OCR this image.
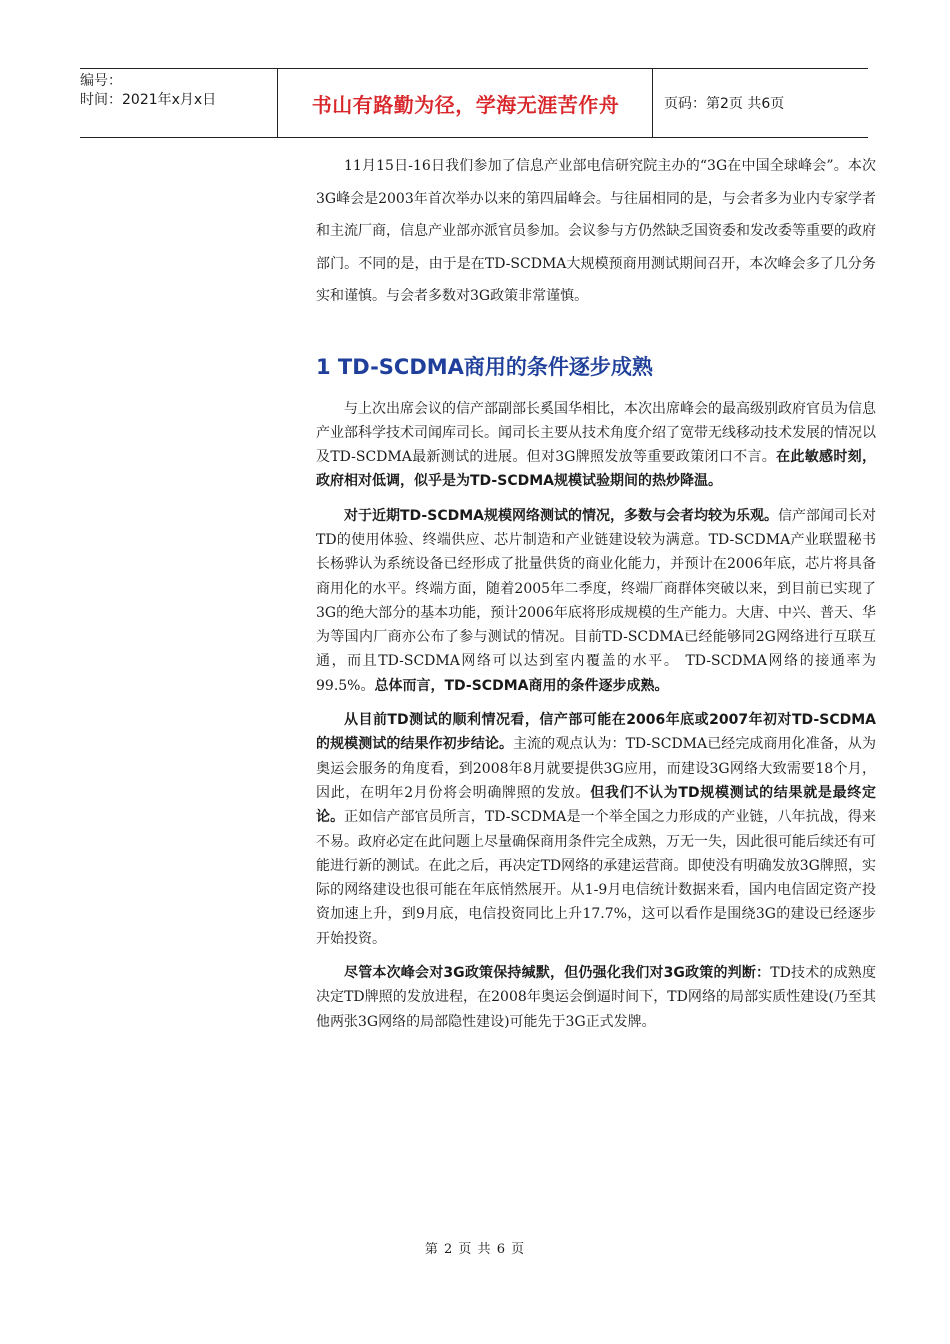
编号：
时间：2021年x月x日	书山有路勤为径，学海无涯苦作舟	页码：第2页 共6页

11月15日-16日我们参加了信息产业部电信研究院主办的“3G在中国全球峰会”。本次3G峰会是2003年首次举办以来的第四届峰会。与往届相同的是，与会者多为业内专家学者和主流厂商，信息产业部亦派官员参加。会议参与方仍然缺乏国资委和发改委等重要的政府部门。不同的是，由于是在TD-SCDMA大规模预商用测试期间召开，本次峰会多了几分务实和谨慎。与会者多数对3G政策非常谨慎。

1 TD-SCDMA商用的条件逐步成熟

与上次出席会议的信产部副部长奚国华相比，本次出席峰会的最高级别政府官员为信息产业部科学技术司闻库司长。闻司长主要从技术角度介绍了宽带无线移动技术发展的情况以及TD-SCDMA最新测试的进展。但对3G牌照发放等重要政策闭口不言。在此敏感时刻，政府相对低调，似乎是为TD-SCDMA规模试验期间的热炒降温。

对于近期TD-SCDMA规模网络测试的情况，多数与会者均较为乐观。信产部闻司长对TD的使用体验、终端供应、芯片制造和产业链建设较为满意。TD-SCDMA产业联盟秘书长杨骅认为系统设备已经形成了批量供货的商业化能力，并预计在2006年底，芯片将具备商用化的水平。终端方面，随着2005年二季度，终端厂商群体突破以来，到目前已实现了3G的绝大部分的基本功能，预计2006年底将形成规模的生产能力。大唐、中兴、普天、华为等国内厂商亦公布了参与测试的情况。目前TD-SCDMA已经能够同2G网络进行互联互通，而且TD-SCDMA网络可以达到室内覆盖的水平。 TD-SCDMA网络的接通率为99.5%。总体而言，TD-SCDMA商用的条件逐步成熟。

从目前TD测试的顺利情况看，信产部可能在2006年底或2007年初对TD-SCDMA的规模测试的结果作初步结论。主流的观点认为：TD-SCDMA已经完成商用化准备，从为奥运会服务的角度看，到2008年8月就要提供3G应用，而建设3G网络大致需要18个月，因此，在明年2月份将会明确牌照的发放。但我们不认为TD规模测试的结果就是最终定论。正如信产部官员所言，TD-SCDMA是一个举全国之力形成的产业链，八年抗战，得来不易。政府必定在此问题上尽量确保商用条件完全成熟，万无一失，因此很可能后续还有可能进行新的测试。在此之后，再决定TD网络的承建运营商。即使没有明确发放3G牌照，实际的网络建设也很可能在年底悄然展开。从1-9月电信统计数据来看，国内电信固定资产投资加速上升，到9月底，电信投资同比上升17.7%，这可以看作是围绕3G的建设已经逐步开始投资。

尽管本次峰会对3G政策保持缄默，但仍强化我们对3G政策的判断：TD技术的成熟度决定TD牌照的发放进程，在2008年奥运会倒逼时间下，TD网络的局部实质性建设(乃至其他两张3G网络的局部隐性建设)可能先于3G正式发牌。

第 2 页 共 6 页
